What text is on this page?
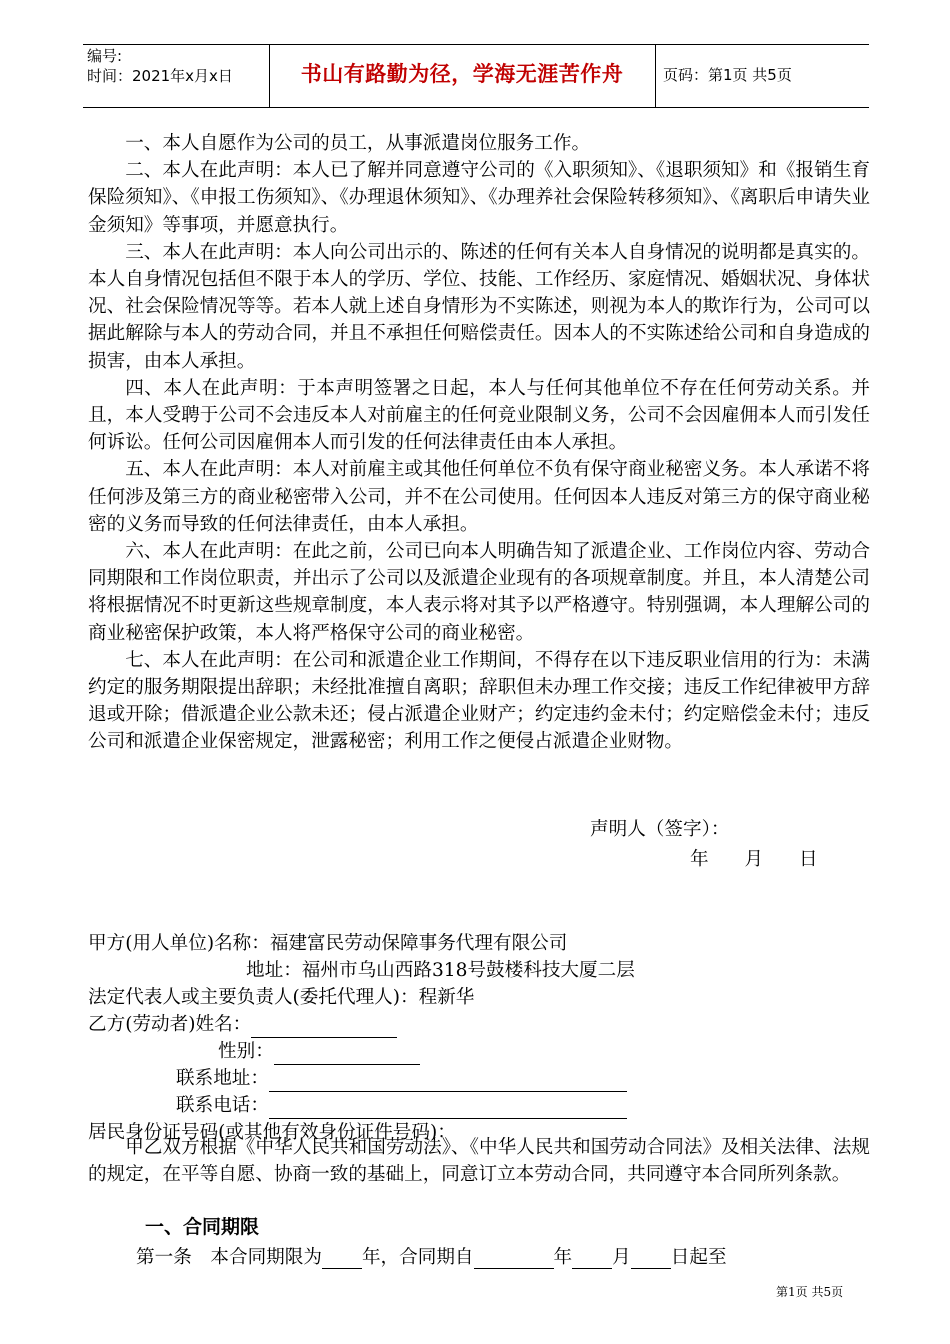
编号:
时间：2021年x月x日	书山有路勤为径，学海无涯苦作舟	页码：第1页 共5页

一、本人自愿作为公司的员工，从事派遣岗位服务工作。

二、本人在此声明：本人已了解并同意遵守公司的《入职须知》、《退职须知》和《报销生育保险须知》、《申报工伤须知》、《办理退休须知》、《办理养社会保险转移须知》、《离职后申请失业金须知》等事项，并愿意执行。

三、本人在此声明：本人向公司出示的、陈述的任何有关本人自身情况的说明都是真实的。本人自身情况包括但不限于本人的学历、学位、技能、工作经历、家庭情况、婚姻状况、身体状况、社会保险情况等等。若本人就上述自身情形为不实陈述，则视为本人的欺诈行为，公司可以据此解除与本人的劳动合同，并且不承担任何赔偿责任。因本人的不实陈述给公司和自身造成的损害，由本人承担。

四、本人在此声明：于本声明签署之日起，本人与任何其他单位不存在任何劳动关系。并且，本人受聘于公司不会违反本人对前雇主的任何竞业限制义务，公司不会因雇佣本人而引发任何诉讼。任何公司因雇佣本人而引发的任何法律责任由本人承担。

五、本人在此声明：本人对前雇主或其他任何单位不负有保守商业秘密义务。本人承诺不将任何涉及第三方的商业秘密带入公司，并不在公司使用。任何因本人违反对第三方的保守商业秘密的义务而导致的任何法律责任，由本人承担。

六、本人在此声明：在此之前，公司已向本人明确告知了派遣企业、工作岗位内容、劳动合同期限和工作岗位职责，并出示了公司以及派遣企业现有的各项规章制度。并且，本人清楚公司将根据情况不时更新这些规章制度，本人表示将对其予以严格遵守。特别强调，本人理解公司的商业秘密保护政策，本人将严格保守公司的商业秘密。

七、本人在此声明：在公司和派遣企业工作期间，不得存在以下违反职业信用的行为：未满约定的服务期限提出辞职；未经批准擅自离职；辞职但未办理工作交接；违反工作纪律被甲方辞退或开除；借派遣企业公款未还；侵占派遣企业财产；约定违约金未付；约定赔偿金未付；违反公司和派遣企业保密规定，泄露秘密；利用工作之便侵占派遣企业财物。

声明人（签字）：
年 月 日
甲方(用人单位)名称：福建富民劳动保障事务代理有限公司
地址：福州市乌山西路318号鼓楼科技大厦二层
法定代表人或主要负责人(委托代理人)：程新华
乙方(劳动者)姓名：
性别：
联系地址：
联系电话：
居民身份证号码(或其他有效身份证件号码)：

甲乙双方根据《中华人民共和国劳动法》、《中华人民共和国劳动合同法》及相关法律、法规的规定，在平等自愿、协商一致的基础上，同意订立本劳动合同，共同遵守本合同所列条款。

一、合同期限
第一条　本合同期限为 年，合同期自	年 月 日起至
第1页 共5页
